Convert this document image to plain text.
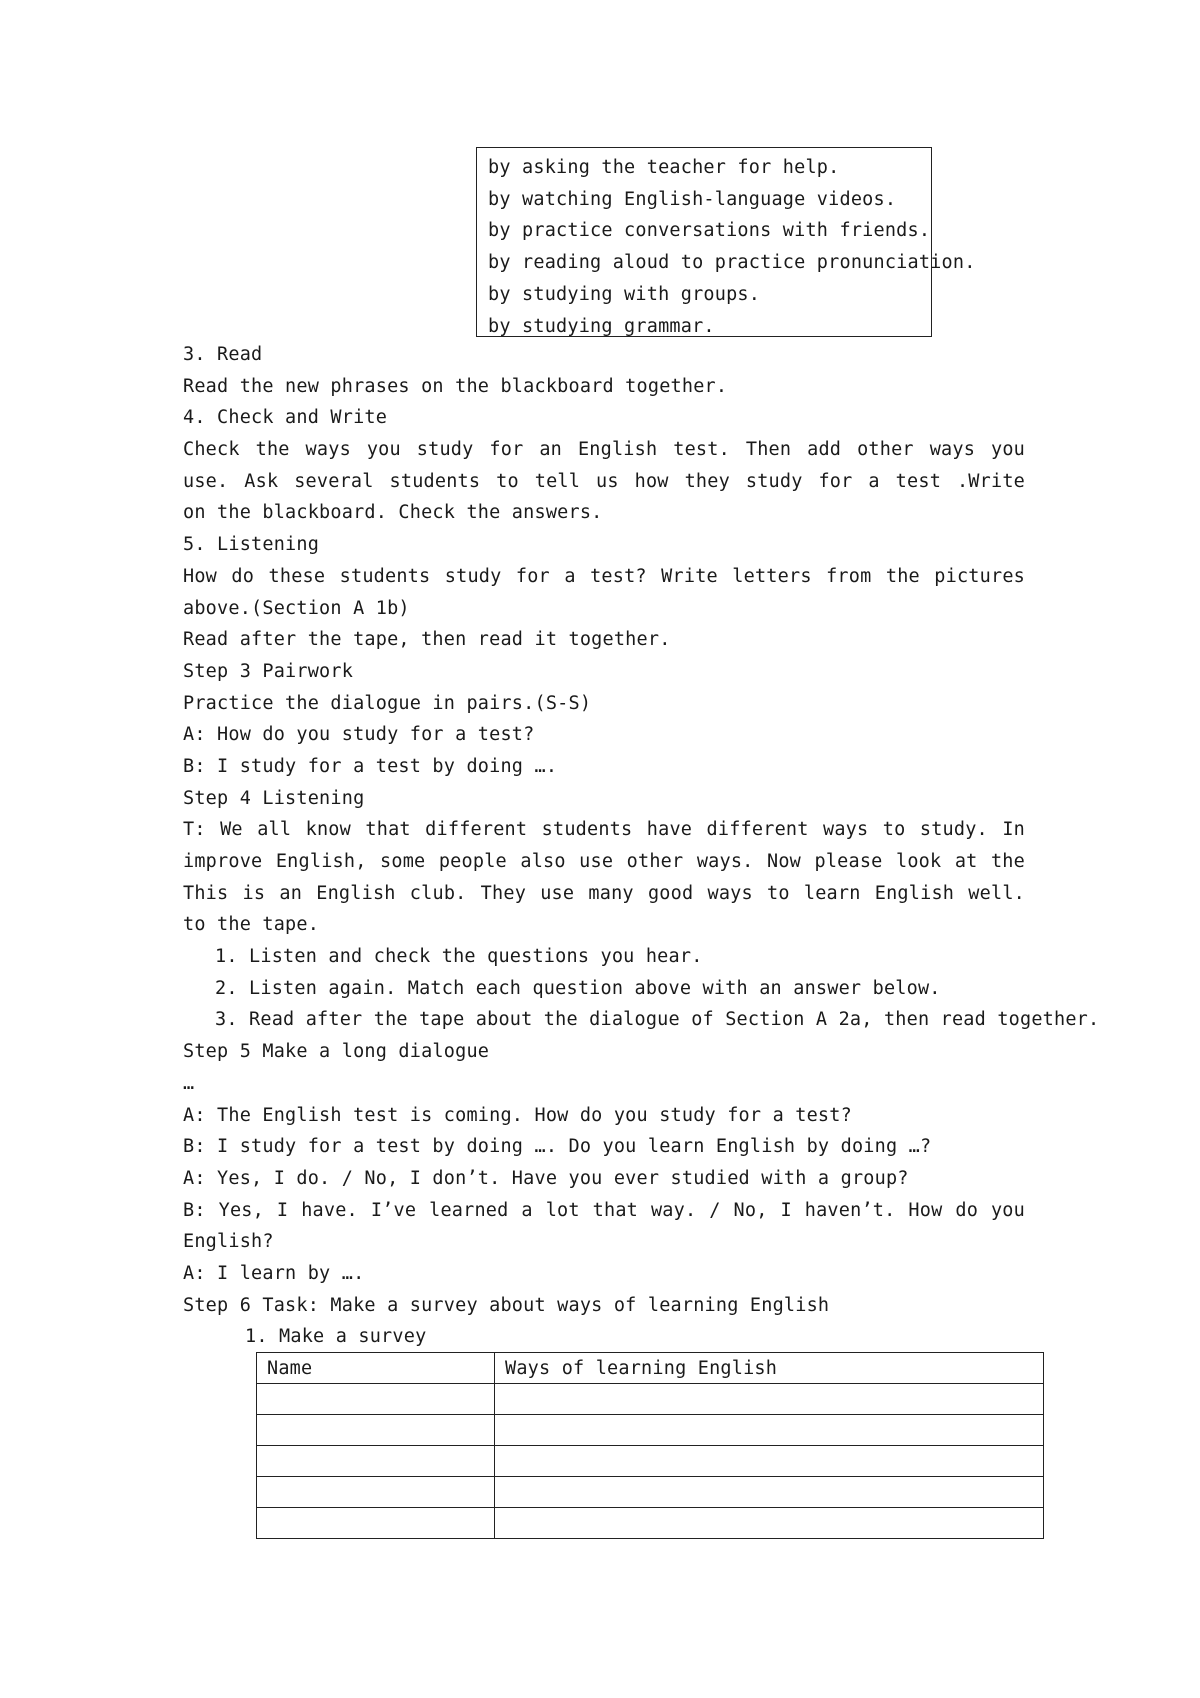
by asking the teacher for help.
by watching English-language videos.
by practice conversations with friends.
by reading aloud to practice pronunciation.
by studying with groups.
by studying grammar.
3. Read
Read the new phrases on the blackboard together.
4. Check and Write
Check the ways you study for an English test. Then add other ways you
use. Ask several students to tell us how they study for a test .Write
on the blackboard. Check the answers.
5. Listening
How do these students study for a test? Write letters from the pictures
above.(Section A 1b)
Read after the tape, then read it together.
Step 3 Pairwork
Practice the dialogue in pairs.(S-S)
A: How do you study for a test?
B: I study for a test by doing ….
Step 4 Listening
T: We all know that different students have different ways to study. In
improve English, some people also use other ways. Now please look at the
This is an English club. They use many good ways to learn English well.
to the tape.
1. Listen and check the questions you hear.
2. Listen again. Match each question above with an answer below.
3. Read after the tape about the dialogue of Section A 2a, then read together.
Step 5 Make a long dialogue
…
A: The English test is coming. How do you study for a test?
B: I study for a test by doing …. Do you learn English by doing …?
A: Yes, I do. / No, I don’t. Have you ever studied with a group?
B: Yes, I have. I’ve learned a lot that way. / No, I haven’t. How do you
English?
A: I learn by ….
Step 6 Task: Make a survey about ways of learning English
1. Make a survey
Name	Ways of learning English
